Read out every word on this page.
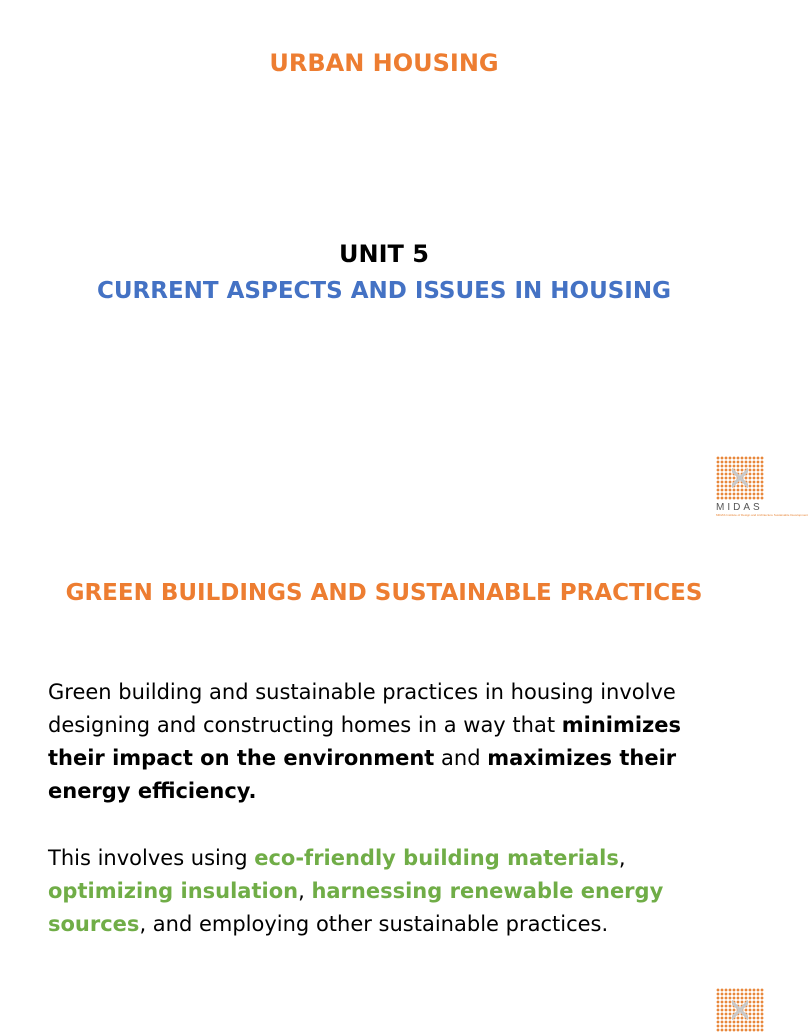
URBAN HOUSING
UNIT 5
CURRENT ASPECTS AND ISSUES IN HOUSING
MIDAS
MIDAS Institute of Design and Architecture Sustainable Development
GREEN BUILDINGS AND SUSTAINABLE PRACTICES
Green building and sustainable practices in housing involve designing and constructing homes in a way that minimizes their impact on the environment and maximizes their energy efficiency.
This involves using eco-friendly building materials, optimizing insulation, harnessing renewable energy sources, and employing other sustainable practices.
